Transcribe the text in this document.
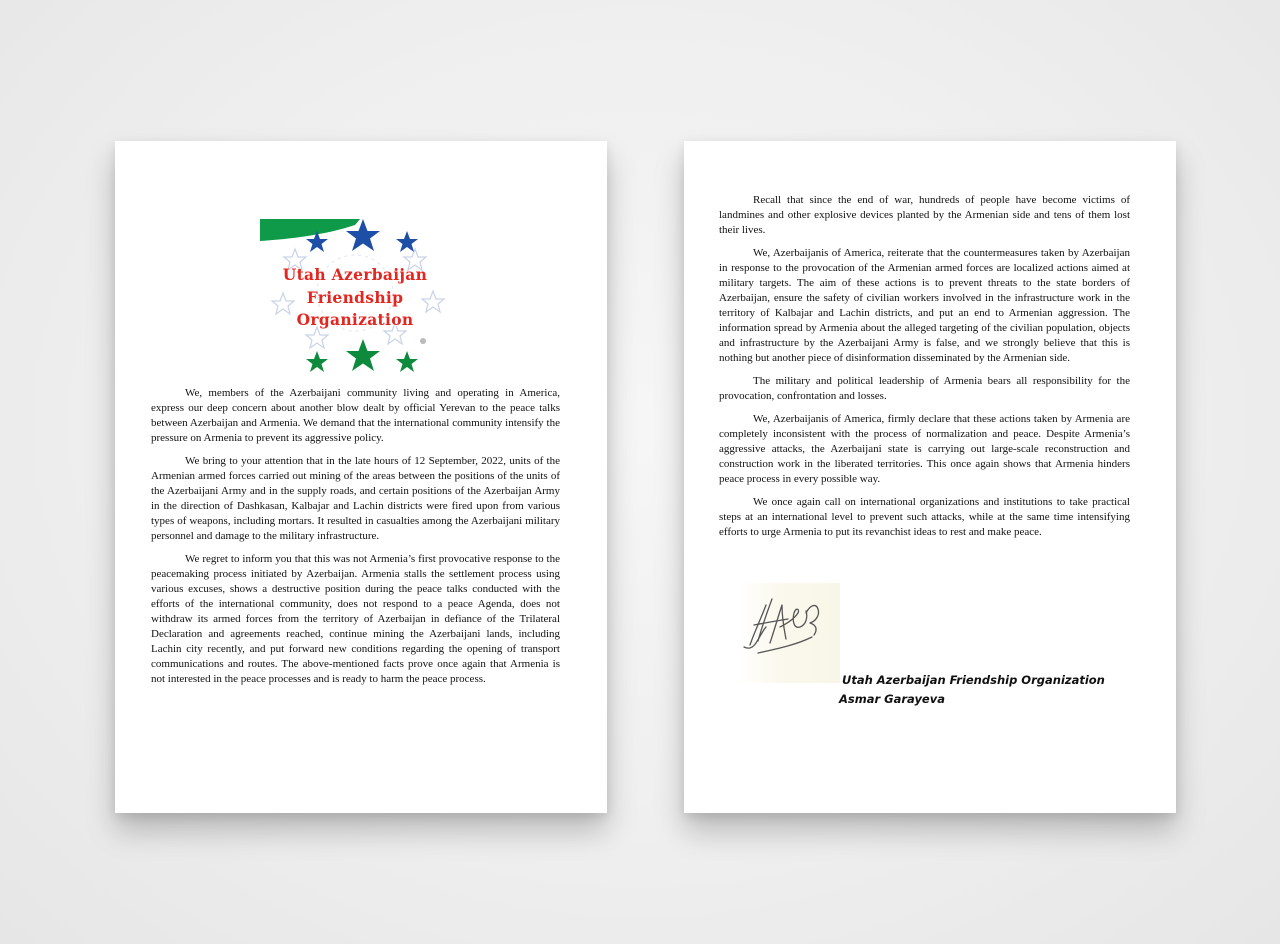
Utah Azerbaijan
Friendship
Organization

We, members of the Azerbaijani community living and operating in America, express our deep concern about another blow dealt by official Yerevan to the peace talks between Azerbaijan and Armenia. We demand that the international community intensify the pressure on Armenia to prevent its aggressive policy.

We bring to your attention that in the late hours of 12 September, 2022, units of the Armenian armed forces carried out mining of the areas between the positions of the units of the Azerbaijani Army and in the supply roads, and certain positions of the Azerbaijan Army in the direction of Dashkasan, Kalbajar and Lachin districts were fired upon from various types of weapons, including mortars. It resulted in casualties among the Azerbaijani military personnel and damage to the military infrastructure.

We regret to inform you that this was not Armenia’s first provocative response to the peacemaking process initiated by Azerbaijan. Armenia stalls the settlement process using various excuses, shows a destructive position during the peace talks conducted with the efforts of the international community, does not respond to a peace Agenda, does not withdraw its armed forces from the territory of Azerbaijan in defiance of the Trilateral Declaration and agreements reached, continue mining the Azerbaijani lands, including Lachin city recently, and put forward new conditions regarding the opening of transport communications and routes. The above-mentioned facts prove once again that Armenia is not interested in the peace processes and is ready to harm the peace process.

Recall that since the end of war, hundreds of people have become victims of landmines and other explosive devices planted by the Armenian side and tens of them lost their lives.

We, Azerbaijanis of America, reiterate that the countermeasures taken by Azerbaijan in response to the provocation of the Armenian armed forces are localized actions aimed at military targets. The aim of these actions is to prevent threats to the state borders of Azerbaijan, ensure the safety of civilian workers involved in the infrastructure work in the territory of Kalbajar and Lachin districts, and put an end to Armenian aggression. The information spread by Armenia about the alleged targeting of the civilian population, objects and infrastructure by the Azerbaijani Army is false, and we strongly believe that this is nothing but another piece of disinformation disseminated by the Armenian side.

The military and political leadership of Armenia bears all responsibility for the provocation, confrontation and losses.

We, Azerbaijanis of America, firmly declare that these actions taken by Armenia are completely inconsistent with the process of normalization and peace. Despite Armenia’s aggressive attacks, the Azerbaijani state is carrying out large-scale reconstruction and construction work in the liberated territories. This once again shows that Armenia hinders peace process in every possible way.

We once again call on international organizations and institutions to take practical steps at an international level to prevent such attacks, while at the same time intensifying efforts to urge Armenia to put its revanchist ideas to rest and make peace.

Utah Azerbaijan Friendship Organization
Asmar Garayeva
